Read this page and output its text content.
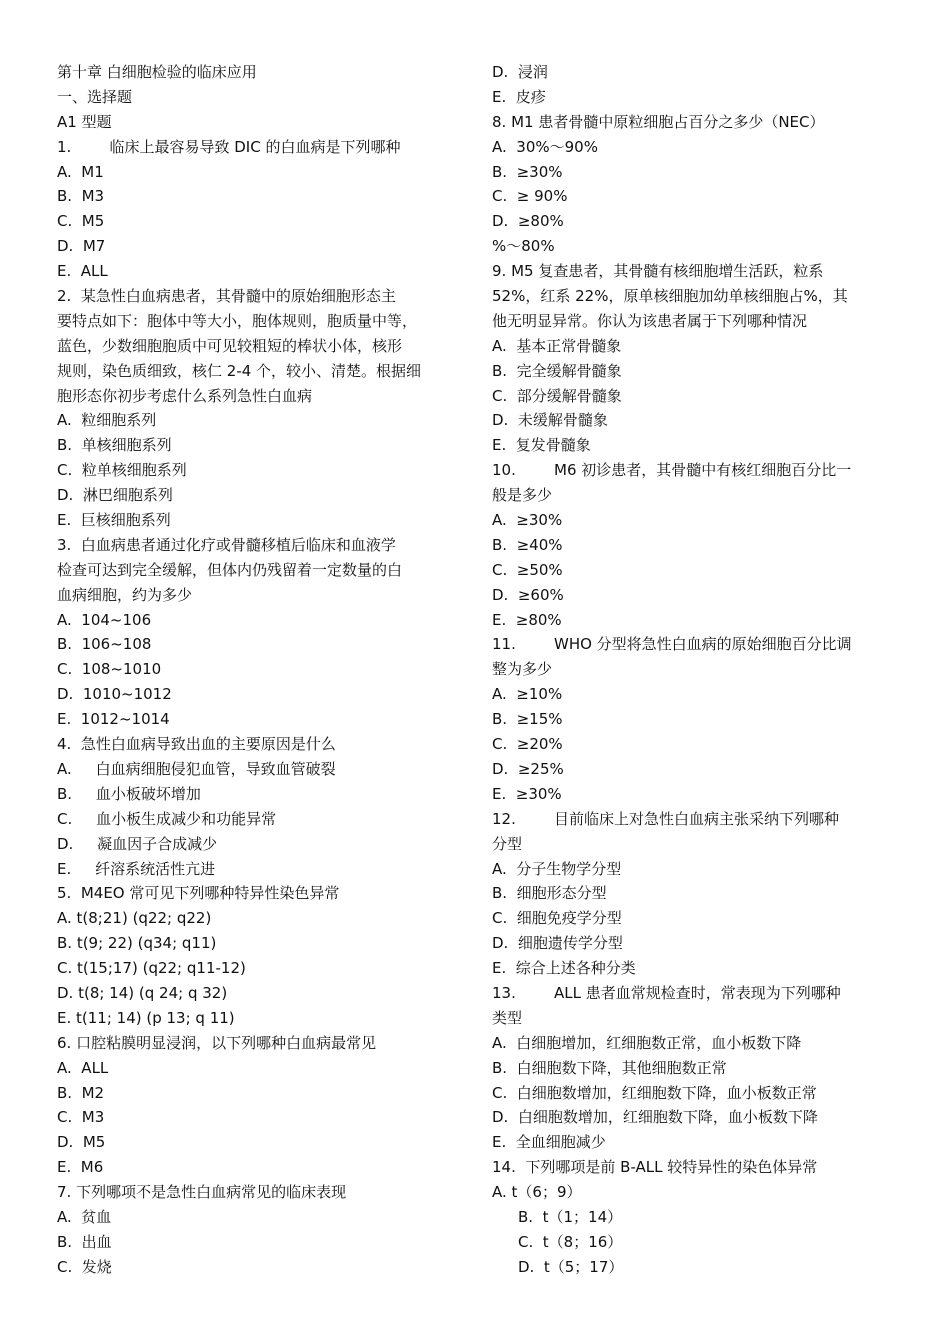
第十章 白细胞检验的临床应用
一、选择题
A1 型题
1.        临床上最容易导致 DIC 的白血病是下列哪种
A.  M1
B.  M3
C.  M5
D.  M7
E.  ALL
2.  某急性白血病患者，其骨髓中的原始细胞形态主
要特点如下：胞体中等大小，胞体规则，胞质量中等，
蓝色，少数细胞胞质中可见较粗短的棒状小体，核形
规则，染色质细致，核仁 2-4 个，较小、清楚。根据细
胞形态你初步考虑什么系列急性白血病
A.  粒细胞系列
B.  单核细胞系列
C.  粒单核细胞系列
D.  淋巴细胞系列
E.  巨核细胞系列
3.  白血病患者通过化疗或骨髓移植后临床和血液学
检查可达到完全缓解，但体内仍残留着一定数量的白
血病细胞，约为多少
A.  104~106
B.  106~108
C.  108~1010
D.  1010~1012
E.  1012~1014
4.  急性白血病导致出血的主要原因是什么
A.     白血病细胞侵犯血管，导致血管破裂
B.     血小板破坏增加
C.     血小板生成减少和功能异常
D.     凝血因子合成减少
E.     纤溶系统活性亢进
5.  M4EO 常可见下列哪种特异性染色异常
A. t(8;21) (q22; q22)
B. t(9; 22) (q34; q11)
C. t(15;17) (q22; q11-12)
D. t(8; 14) (q 24; q 32)
E. t(11; 14) (p 13; q 11)
6. 口腔粘膜明显浸润，以下列哪种白血病最常见
A.  ALL
B.  M2
C.  M3
D.  M5
E.  M6
7. 下列哪项不是急性白血病常见的临床表现
A.  贫血
B.  出血
C.  发烧
D.  浸润
E.  皮疹
8. M1 患者骨髓中原粒细胞占百分之多少（NEC）
A.  30%～90%
B.  ≥30%
C.  ≥ 90%
D.  ≥80%
%～80%
9. M5 复查患者，其骨髓有核细胞增生活跃，粒系
52%，红系 22%，原单核细胞加幼单核细胞占%，其
他无明显异常。你认为该患者属于下列哪种情况
A.  基本正常骨髓象
B.  完全缓解骨髓象
C.  部分缓解骨髓象
D.  未缓解骨髓象
E.  复发骨髓象
10.        M6 初诊患者，其骨髓中有核红细胞百分比一
般是多少
A.  ≥30%
B.  ≥40%
C.  ≥50%
D.  ≥60%
E.  ≥80%
11.        WHO 分型将急性白血病的原始细胞百分比调
整为多少
A.  ≥10%
B.  ≥15%
C.  ≥20%
D.  ≥25%
E.  ≥30%
12.        目前临床上对急性白血病主张采纳下列哪种
分型
A.  分子生物学分型
B.  细胞形态分型
C.  细胞免疫学分型
D.  细胞遗传学分型
E.  综合上述各种分类
13.        ALL 患者血常规检查时，常表现为下列哪种
类型
A.  白细胞增加，红细胞数正常，血小板数下降
B.  白细胞数下降，其他细胞数正常
C.  白细胞数增加，红细胞数下降，血小板数正常
D.  白细胞数增加，红细胞数下降，血小板数下降
E.  全血细胞减少
14.  下列哪项是前 B-ALL 较特异性的染色体异常
A. t（6；9）
B.  t（1；14）
C.  t（8；16）
D.  t（5；17）
